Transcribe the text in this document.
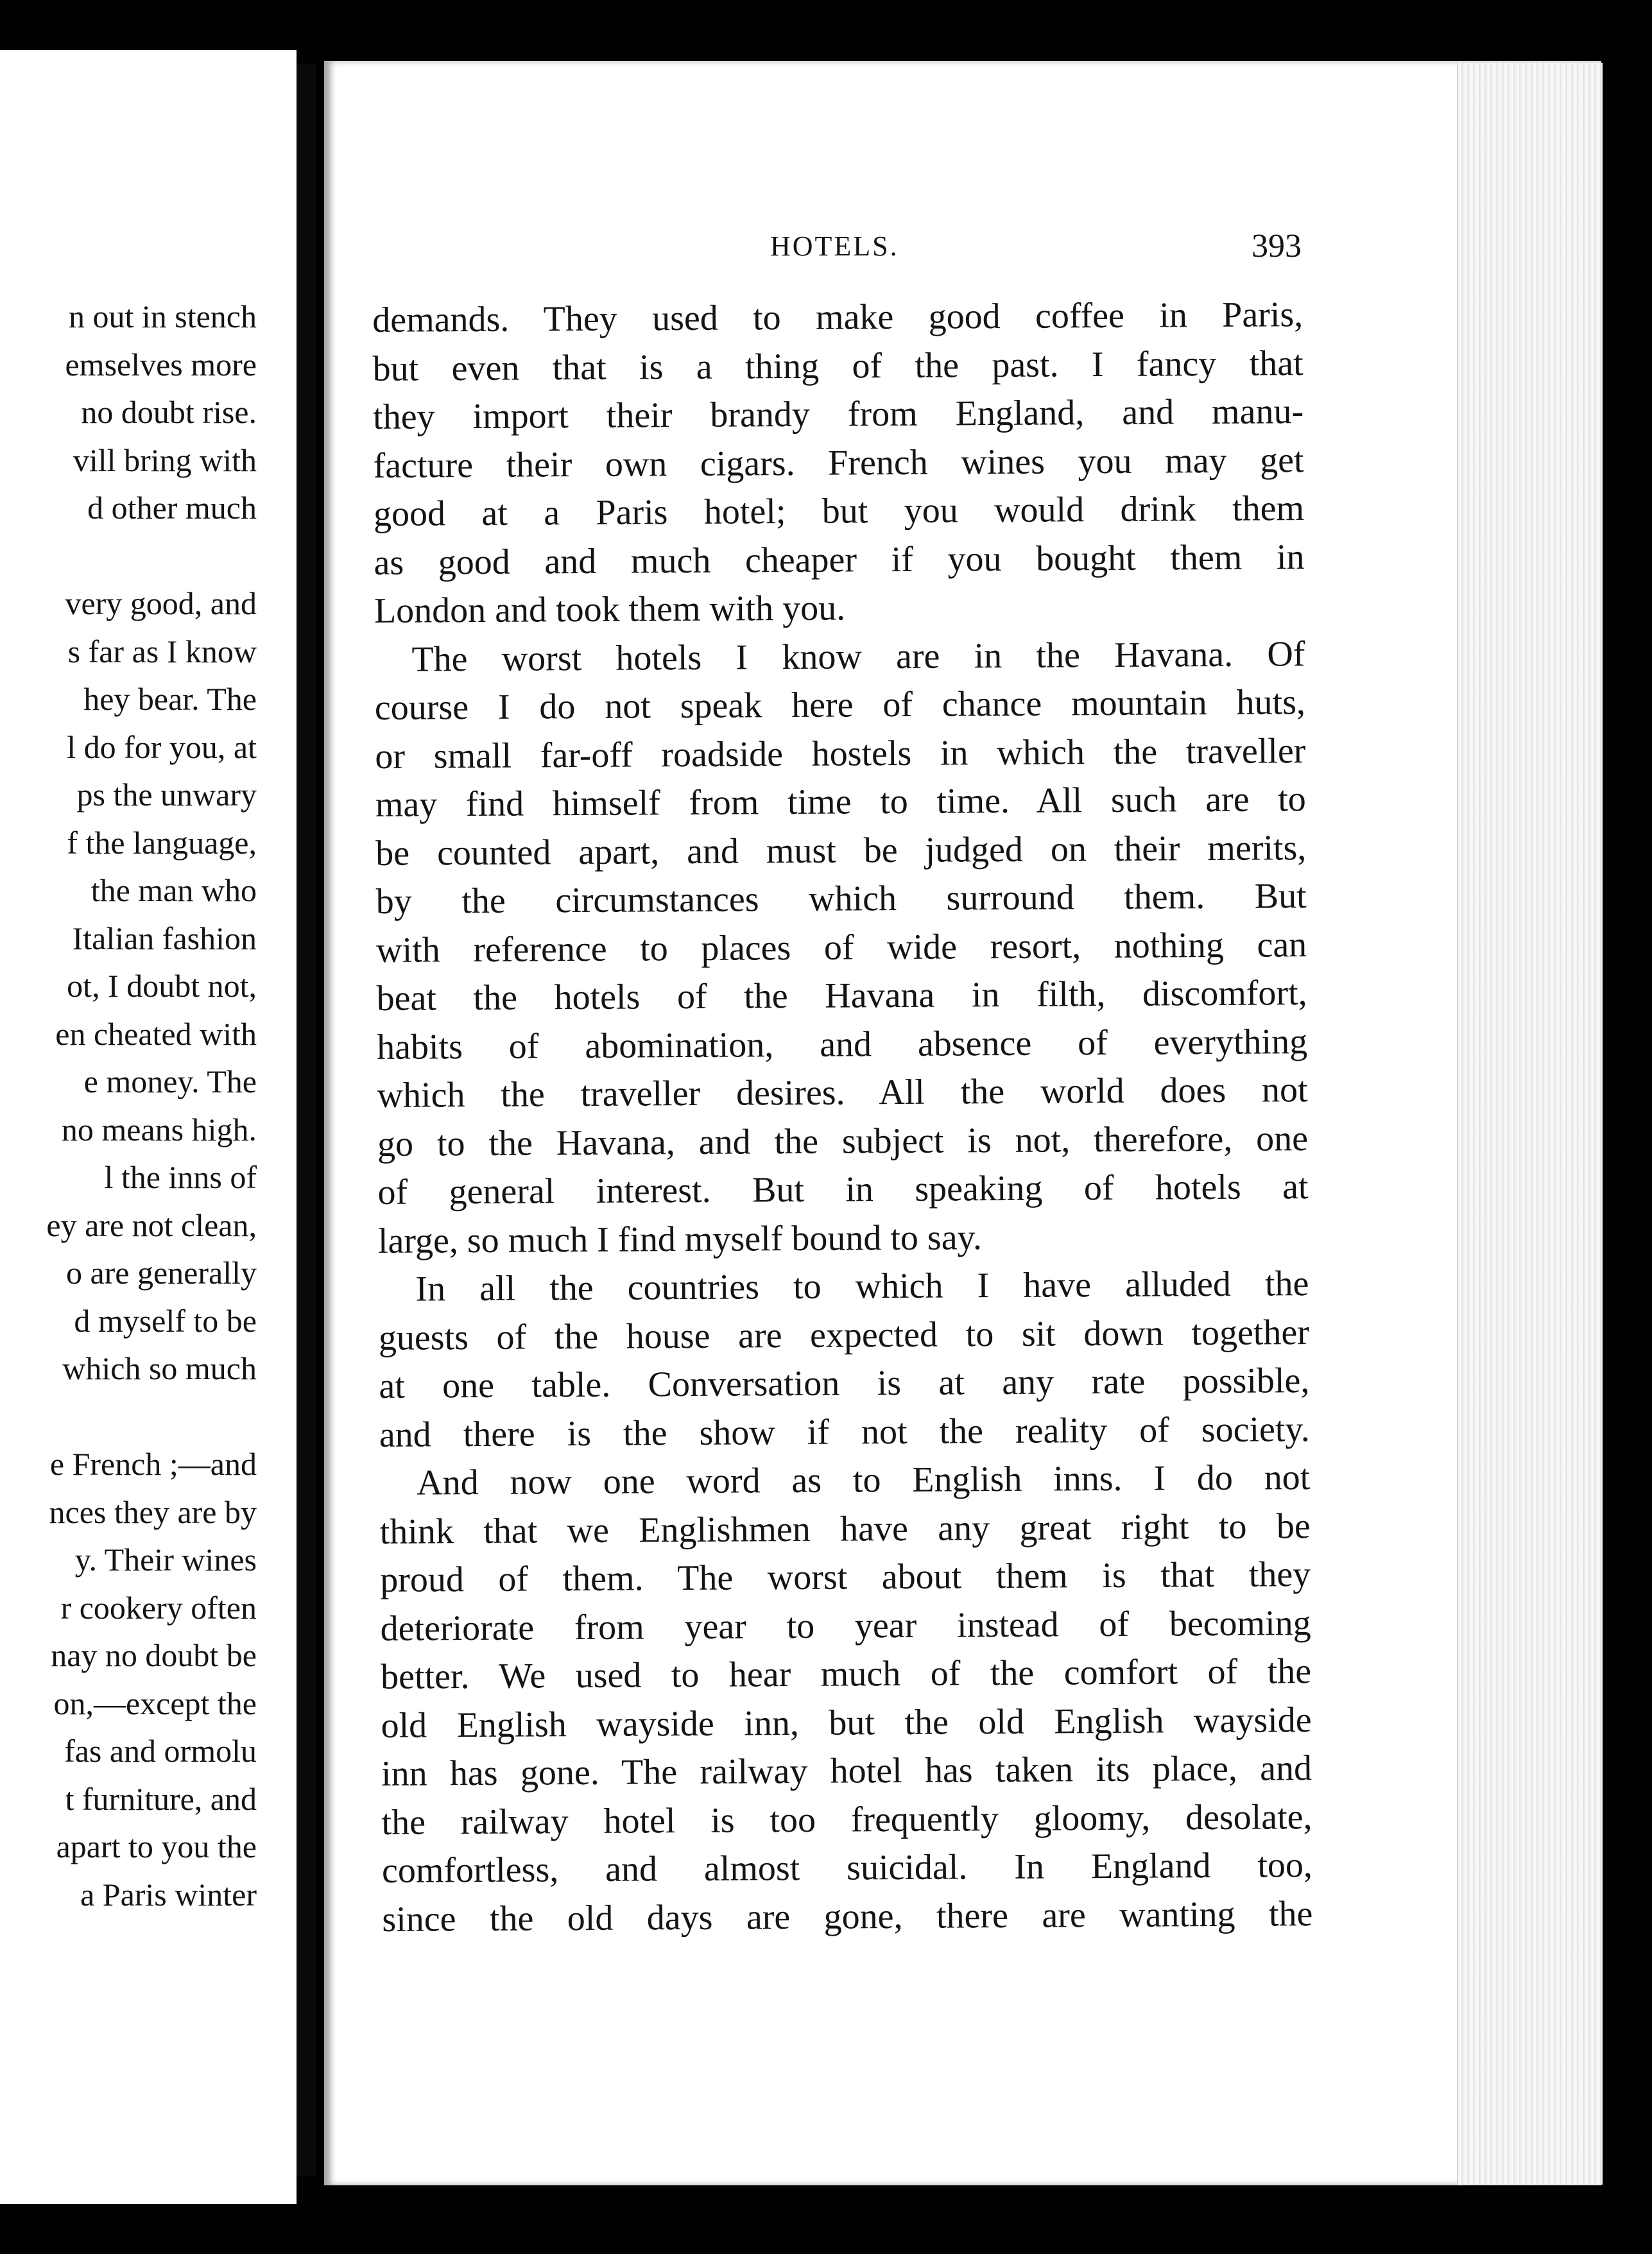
n out in stench
emselves more
no doubt rise.
vill bring with
d other much
very good, and
s far as I know
hey bear. The
l do for you, at
ps the unwary
f the language,
the man who
Italian fashion
ot, I doubt not,
en cheated with
e money. The
no means high.
l the inns of
ey are not clean,
o are generally
d myself to be
which so much
e French ;—and
nces they are by
y. Their wines
r cookery often
nay no doubt be
on,—except the
fas and ormolu
t furniture, and
apart to you the
a Paris winter
HOTELS.	393
demands. They used to make good coffee in Paris,
but even that is a thing of the past. I fancy that
they import their brandy from England, and manu-
facture their own cigars. French wines you may get
good at a Paris hotel; but you would drink them
as good and much cheaper if you bought them in
London and took them with you.
The worst hotels I know are in the Havana. Of
course I do not speak here of chance mountain huts,
or small far-off roadside hostels in which the traveller
may find himself from time to time. All such are to
be counted apart, and must be judged on their merits,
by the circumstances which surround them. But
with reference to places of wide resort, nothing can
beat the hotels of the Havana in filth, discomfort,
habits of abomination, and absence of everything
which the traveller desires. All the world does not
go to the Havana, and the subject is not, therefore, one
of general interest. But in speaking of hotels at
large, so much I find myself bound to say.
In all the countries to which I have alluded the
guests of the house are expected to sit down together
at one table. Conversation is at any rate possible,
and there is the show if not the reality of society.
And now one word as to English inns. I do not
think that we Englishmen have any great right to be
proud of them. The worst about them is that they
deteriorate from year to year instead of becoming
better. We used to hear much of the comfort of the
old English wayside inn, but the old English wayside
inn has gone. The railway hotel has taken its place, and
the railway hotel is too frequently gloomy, desolate,
comfortless, and almost suicidal. In England too,
since the old days are gone, there are wanting the
